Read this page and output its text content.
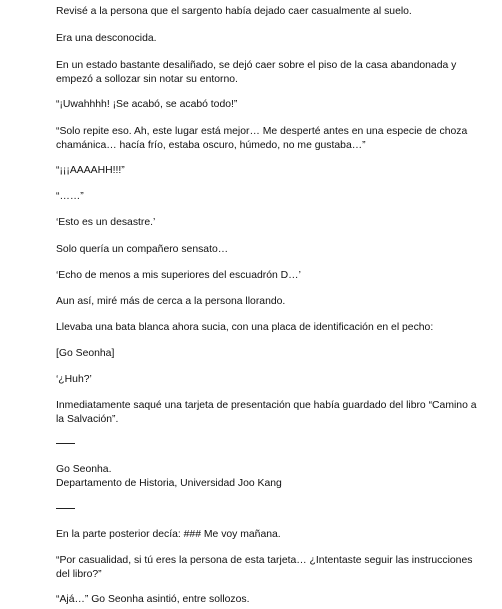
Revisé a la persona que el sargento había dejado caer casualmente al suelo.

Era una desconocida.

En un estado bastante desaliñado, se dejó caer sobre el piso de la casa abandonada y
empezó a sollozar sin notar su entorno.

“¡Uwahhhh! ¡Se acabó, se acabó todo!”

“Solo repite eso. Ah, este lugar está mejor… Me desperté antes en una especie de choza
chamánica… hacía frío, estaba oscuro, húmedo, no me gustaba…”

“¡¡¡AAAAHH!!!”

“……”

‘Esto es un desastre.’

Solo quería un compañero sensato…

‘Echo de menos a mis superiores del escuadrón D…’

Aun así, miré más de cerca a la persona llorando.

Llevaba una bata blanca ahora sucia, con una placa de identificación en el pecho:

[Go Seonha]

‘¿Huh?’

Inmediatamente saqué una tarjeta de presentación que había guardado del libro “Camino a
la Salvación”.

Go Seonha.
Departamento de Historia, Universidad Joo Kang

En la parte posterior decía: ### Me voy mañana.

“Por casualidad, si tú eres la persona de esta tarjeta… ¿Intentaste seguir las instrucciones
del libro?”

“Ajá…” Go Seonha asintió, entre sollozos.
